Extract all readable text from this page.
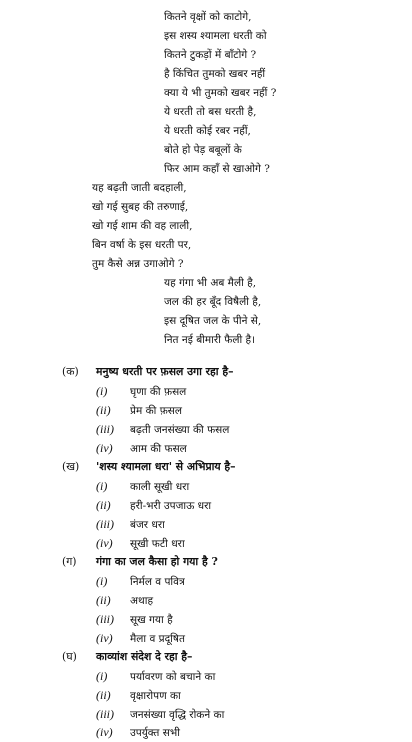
कितने वृक्षों को काटोगे,
इस शस्य श्यामला धरती को
कितने टुकड़ों में बाँटोगे ?
है किंचित तुमको खबर नहीं
क्या ये भी तुमको खबर नहीं ?
ये धरती तो बस धरती है,
ये धरती कोई रबर नहीं,
बोते हो पेड़ बबूलों के
फिर आम कहाँ से खाओगे ?
यह बढ़ती जाती बदहाली,
खो गई सुबह की तरुणाई,
खो गई शाम की वह लाली,
बिन वर्षा के इस धरती पर,
तुम कैसे अन्न उगाओगे ?
यह गंगा भी अब मैली है,
जल की हर बूँद विषैली है,
इस दूषित जल के पीने से,
नित नई बीमारी फैली है।
(क) मनुष्य धरती पर फ़सल उगा रहा है–
(i) घृणा की फ़सल
(ii) प्रेम की फ़सल
(iii) बढ़ती जनसंख्या की फसल
(iv) आम की फसल
(ख) 'शस्य श्यामला धरा' से अभिप्राय है–
(i) काली सूखी धरा
(ii) हरी-भरी उपजाऊ धरा
(iii) बंजर धरा
(iv) सूखी फटी धरा
(ग) गंगा का जल कैसा हो गया है ?
(i) निर्मल व पवित्र
(ii) अथाह
(iii) सूख गया है
(iv) मैला व प्रदूषित
(घ) काव्यांश संदेश दे रहा है–
(i) पर्यावरण को बचाने का
(ii) वृक्षारोपण का
(iii) जनसंख्या वृद्धि रोकने का
(iv) उपर्युक्त सभी
